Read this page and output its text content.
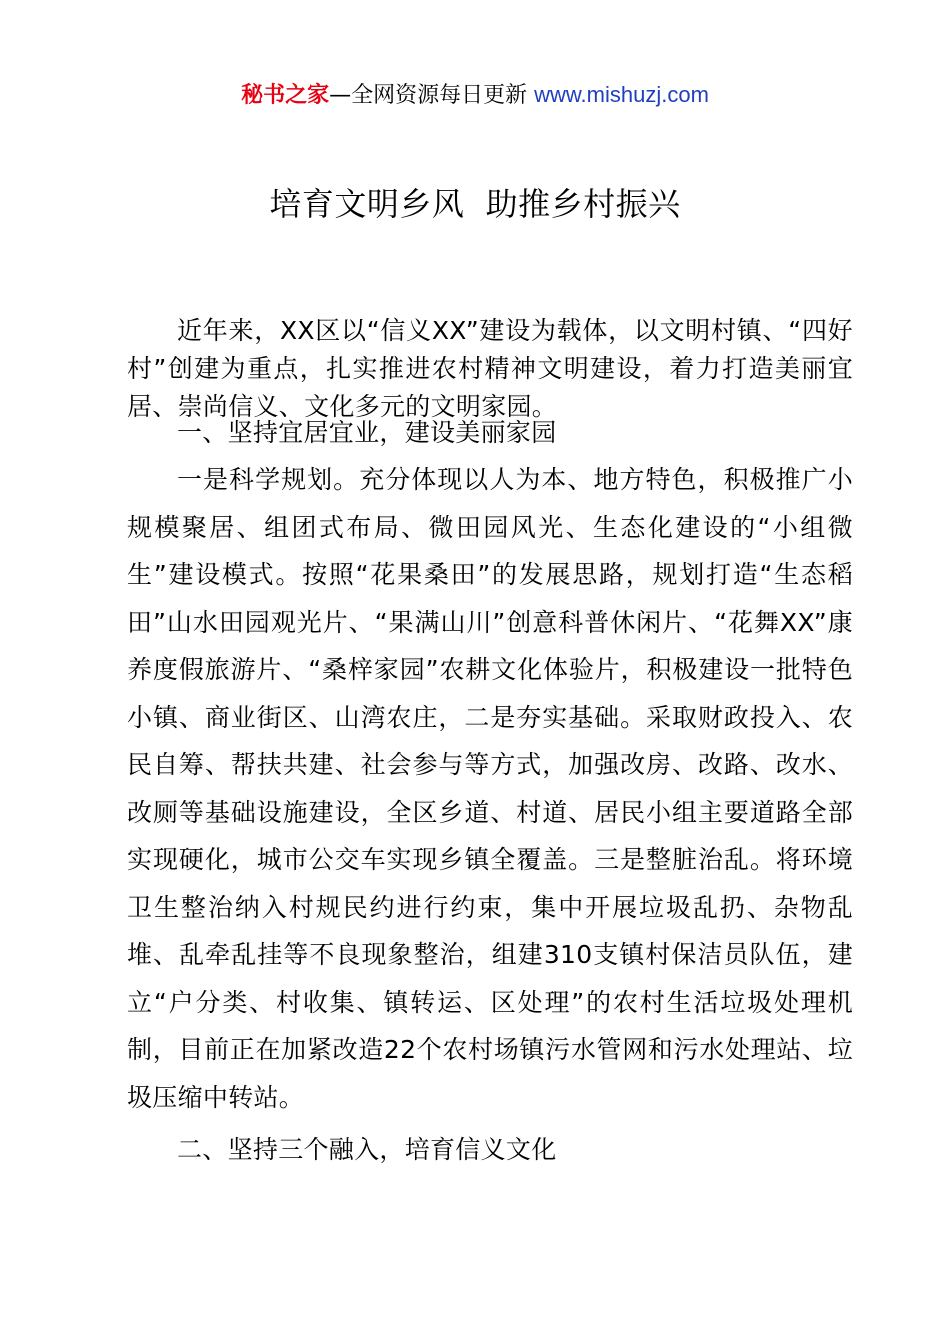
秘书之家—全网资源每日更新 www.mishuzj.com
培育文明乡风  助推乡村振兴

近年来，XX区以“信义XX”建设为载体，以文明村镇、“四好村”创建为重点，扎实推进农村精神文明建设，着力打造美丽宜居、崇尚信义、文化多元的文明家园。

一、坚持宜居宜业，建设美丽家园

一是科学规划。充分体现以人为本、地方特色，积极推广小规模聚居、组团式布局、微田园风光、生态化建设的“小组微生”建设模式。按照“花果桑田”的发展思路，规划打造“生态稻田”山水田园观光片、“果满山川”创意科普休闲片、“花舞XX”康养度假旅游片、“桑梓家园”农耕文化体验片，积极建设一批特色小镇、商业街区、山湾农庄，二是夯实基础。采取财政投入、农民自筹、帮扶共建、社会参与等方式，加强改房、改路、改水、改厕等基础设施建设，全区乡道、村道、居民小组主要道路全部实现硬化，城市公交车实现乡镇全覆盖。三是整脏治乱。将环境卫生整治纳入村规民约进行约束，集中开展垃圾乱扔、杂物乱堆、乱牵乱挂等不良现象整治，组建310支镇村保洁员队伍，建立“户分类、村收集、镇转运、区处理”的农村生活垃圾处理机制，目前正在加紧改造22个农村场镇污水管网和污水处理站、垃圾压缩中转站。

二、坚持三个融入，培育信义文化
